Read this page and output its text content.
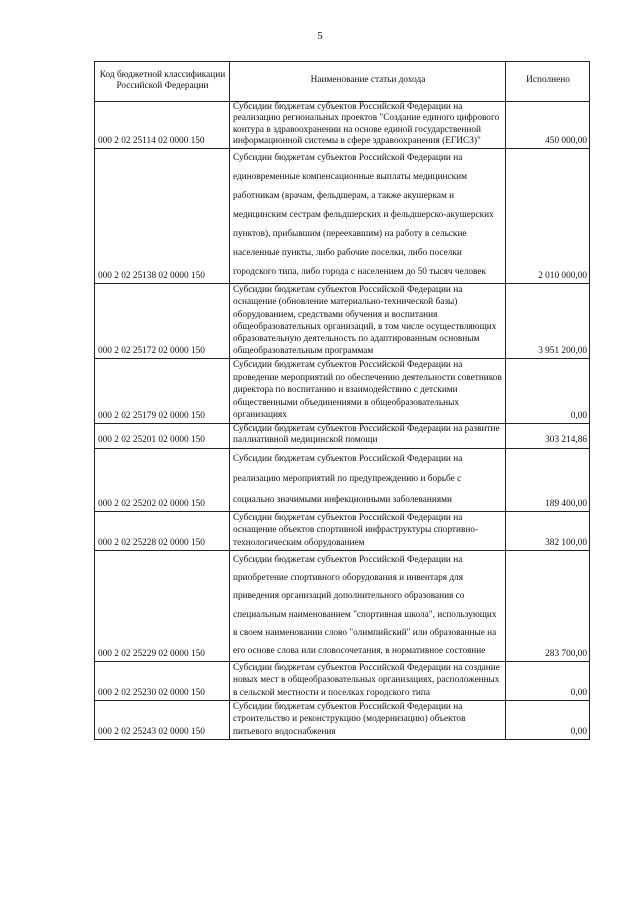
5
Код бюджетной классификации Российской Федерации	Наименование статьи дохода	Исполнено
000 2 02 25114 02 0000 150	Субсидии бюджетам субъектов Российской Федерации на реализацию региональных проектов "Создание единого цифрового контура в здравоохранении на основе единой государственной информационной системы в сфере здравоохранения (ЕГИСЗ)"	450 000,00
000 2 02 25138 02 0000 150	Субсидии бюджетам субъектов Российской Федерации на единовременные компенсационные выплаты медицинским работникам (врачам, фельдшерам, а также акушеркам и медицинским сестрам фельдшерских и фельдшерско-акушерских пунктов), прибывшим (переехавшим) на работу в сельские населенные пункты, либо рабочие поселки, либо поселки городского типа, либо города с населением до 50 тысяч человек	2 010 000,00
000 2 02 25172 02 0000 150	Субсидии бюджетам субъектов Российской Федерации на оснащение (обновление материально-технической базы) оборудованием, средствами обучения и воспитания общеобразовательных организаций, в том числе осуществляющих образовательную деятельность по адаптированным основным общеобразовательным программам	3 951 200,00
000 2 02 25179 02 0000 150	Субсидии бюджетам субъектов Российской Федерации на проведение мероприятий по обеспечению деятельности советников директора по воспитанию и взаимодействию с детскими общественными объединениями в общеобразовательных организациях	0,00
000 2 02 25201 02 0000 150	Субсидии бюджетам субъектов Российской Федерации на развитие паллиативной медицинской помощи	303 214,86
000 2 02 25202 02 0000 150	Субсидии бюджетам субъектов Российской Федерации на реализацию мероприятий по предупреждению и борьбе с социально значимыми инфекционными заболеваниями	189 400,00
000 2 02 25228 02 0000 150	Субсидии бюджетам субъектов Российской Федерации на оснащение объектов спортивной инфраструктуры спортивно-технологическим оборудованием	382 100,00
000 2 02 25229 02 0000 150	Субсидии бюджетам субъектов Российской Федерации на приобретение спортивного оборудования и инвентаря для приведения организаций дополнительного образования со специальным наименованием "спортивная школа", использующих в своем наименовании слово "олимпийский" или образованные на его основе слова или словосочетания, в нормативное состояние	283 700,00
000 2 02 25230 02 0000 150	Субсидии бюджетам субъектов Российской Федерации на создание новых мест в общеобразовательных организациях, расположенных в сельской местности и поселках городского типа	0,00
000 2 02 25243 02 0000 150	Субсидии бюджетам субъектов Российской Федерации на строительство и реконструкцию (модернизацию) объектов питьевого водоснабжения	0,00
